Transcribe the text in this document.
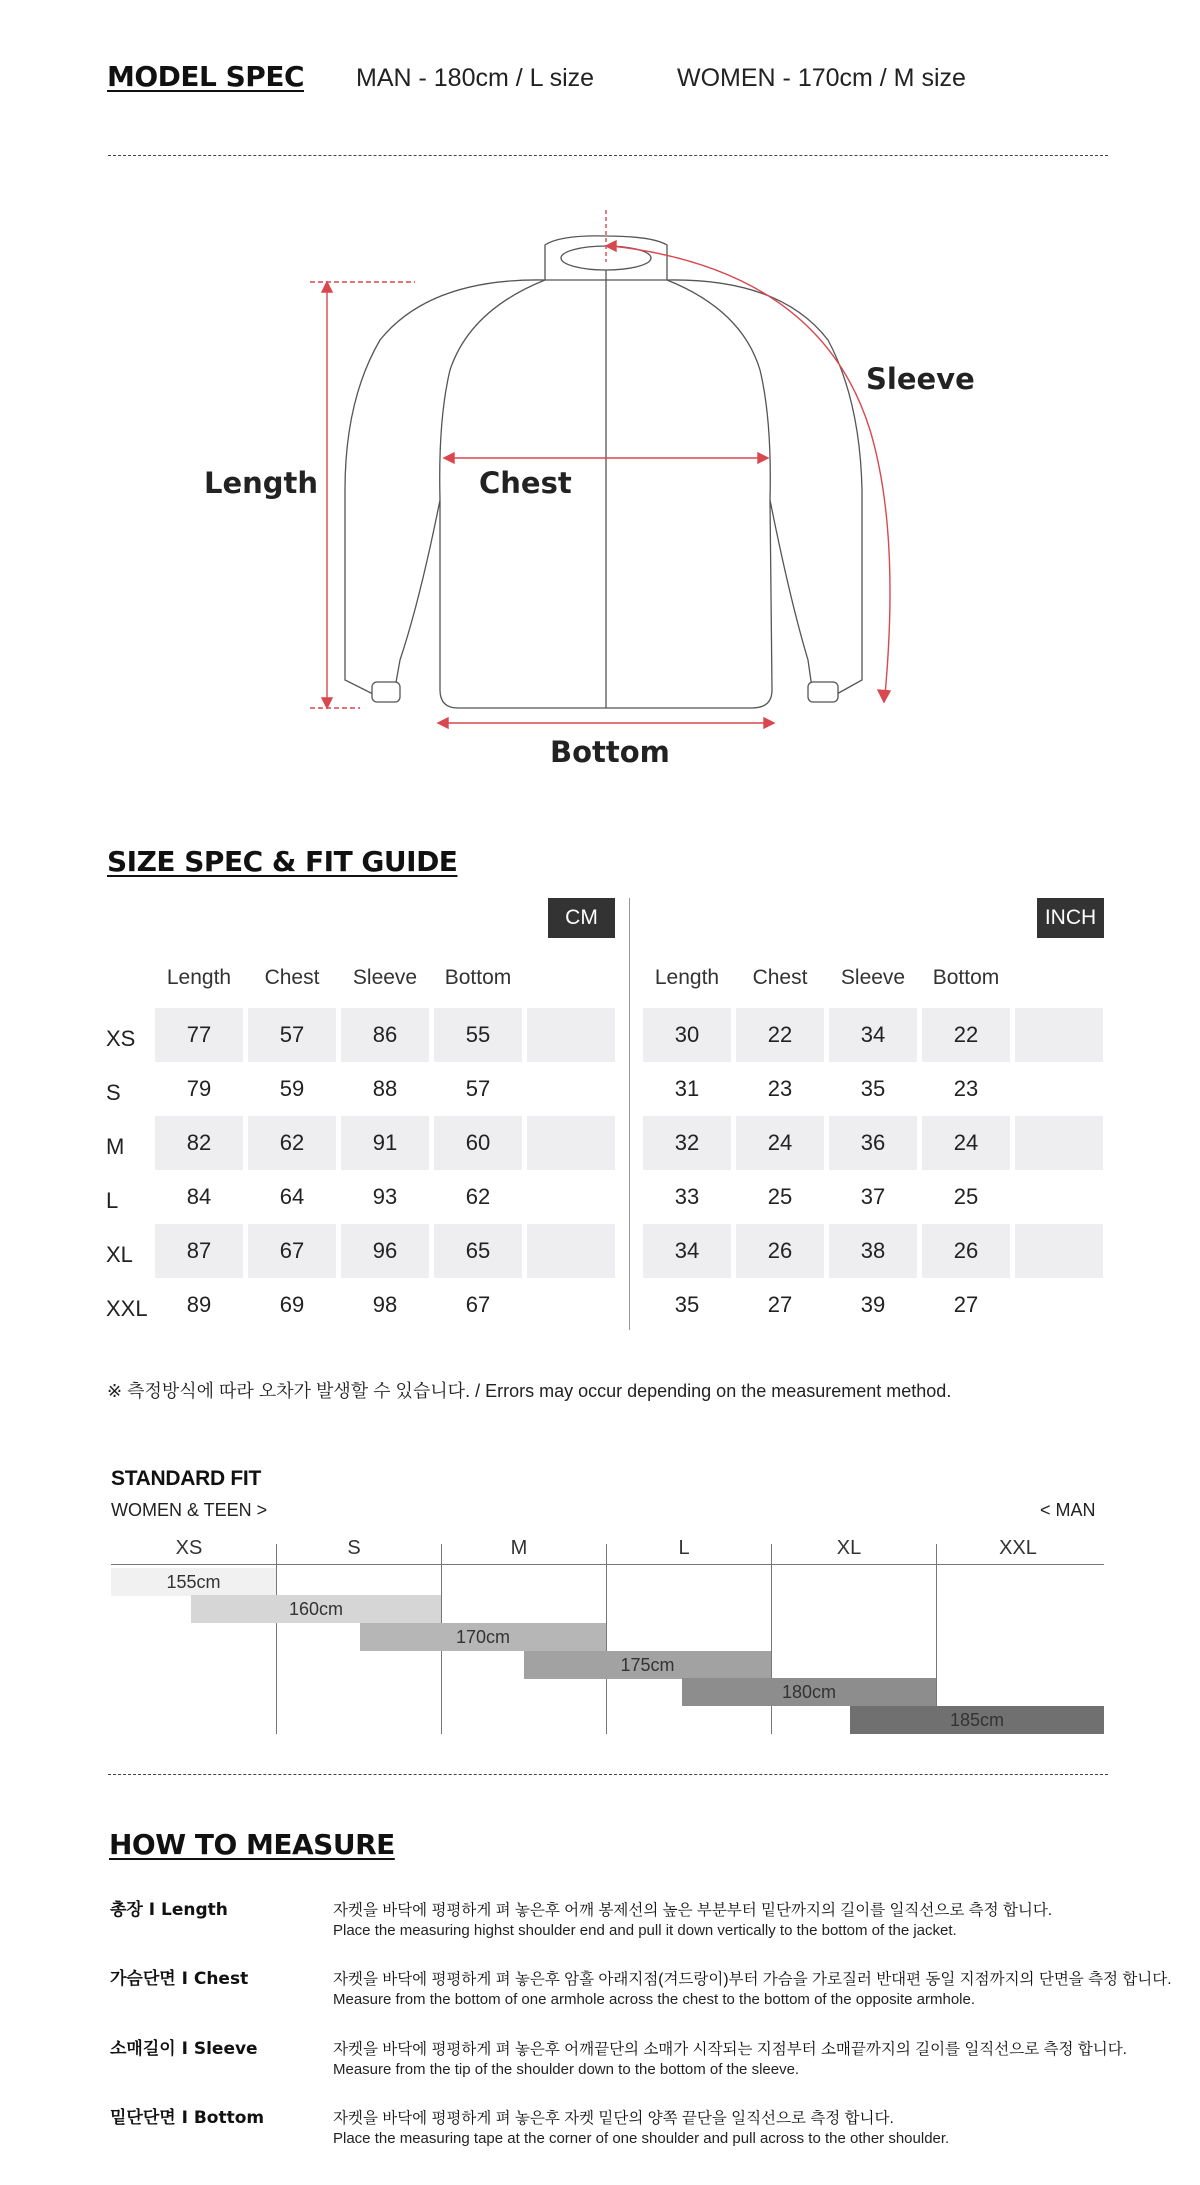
MODEL SPEC MAN - 180cm / L size	WOMEN - 170cm / M size
Length	Chest
Sleeve
Bottom
SIZE SPEC & FIT GUIDE
CM	INCH
Length	Chest	Sleeve	Bottom	Length	Chest	Sleeve	Bottom
XS	77	57	86	55	30	22	34	22
S	79	59	88	57	31	23	35	23
M	82	62	91	60	32	24	36	24
L	84	64	93	62	33	25	37	25
XL	87	67	96	65	34	26	38	26
XXL	89	69	98	67	35	27	39	27
※ 측정방식에 따라 오차가 발생할 수 있습니다. / Errors may occur depending on the measurement method.
STANDARD FIT
WOMEN & TEEN >	< MAN
XS	S	M	L	XL	XXL
155cm
160cm
170cm
175cm
180cm
185cm
HOW TO MEASURE
총장 I Length	자켓을 바닥에 평평하게 펴 놓은후 어깨 봉제선의 높은 부분부터 밑단까지의 길이를 일직선으로 측정 합니다.
Place the measuring highst shoulder end and pull it down vertically to the bottom of the jacket.
가슴단면 I Chest	자켓을 바닥에 평평하게 펴 놓은후 암홀 아래지점(겨드랑이)부터 가슴을 가로질러 반대편 동일 지점까지의 단면을 측정 합니다.
Measure from the bottom of one armhole across the chest to the bottom of the opposite armhole.
소매길이 I Sleeve	자켓을 바닥에 평평하게 펴 놓은후 어깨끝단의 소매가 시작되는 지점부터 소매끝까지의 길이를 일직선으로 측정 합니다.
Measure from the tip of the shoulder down to the bottom of the sleeve.
밑단단면 I Bottom	자켓을 바닥에 평평하게 펴 놓은후 자켓 밑단의 양쪽 끝단을 일직선으로 측정 합니다.
Place the measuring tape at the corner of one shoulder and pull across to the other shoulder.
